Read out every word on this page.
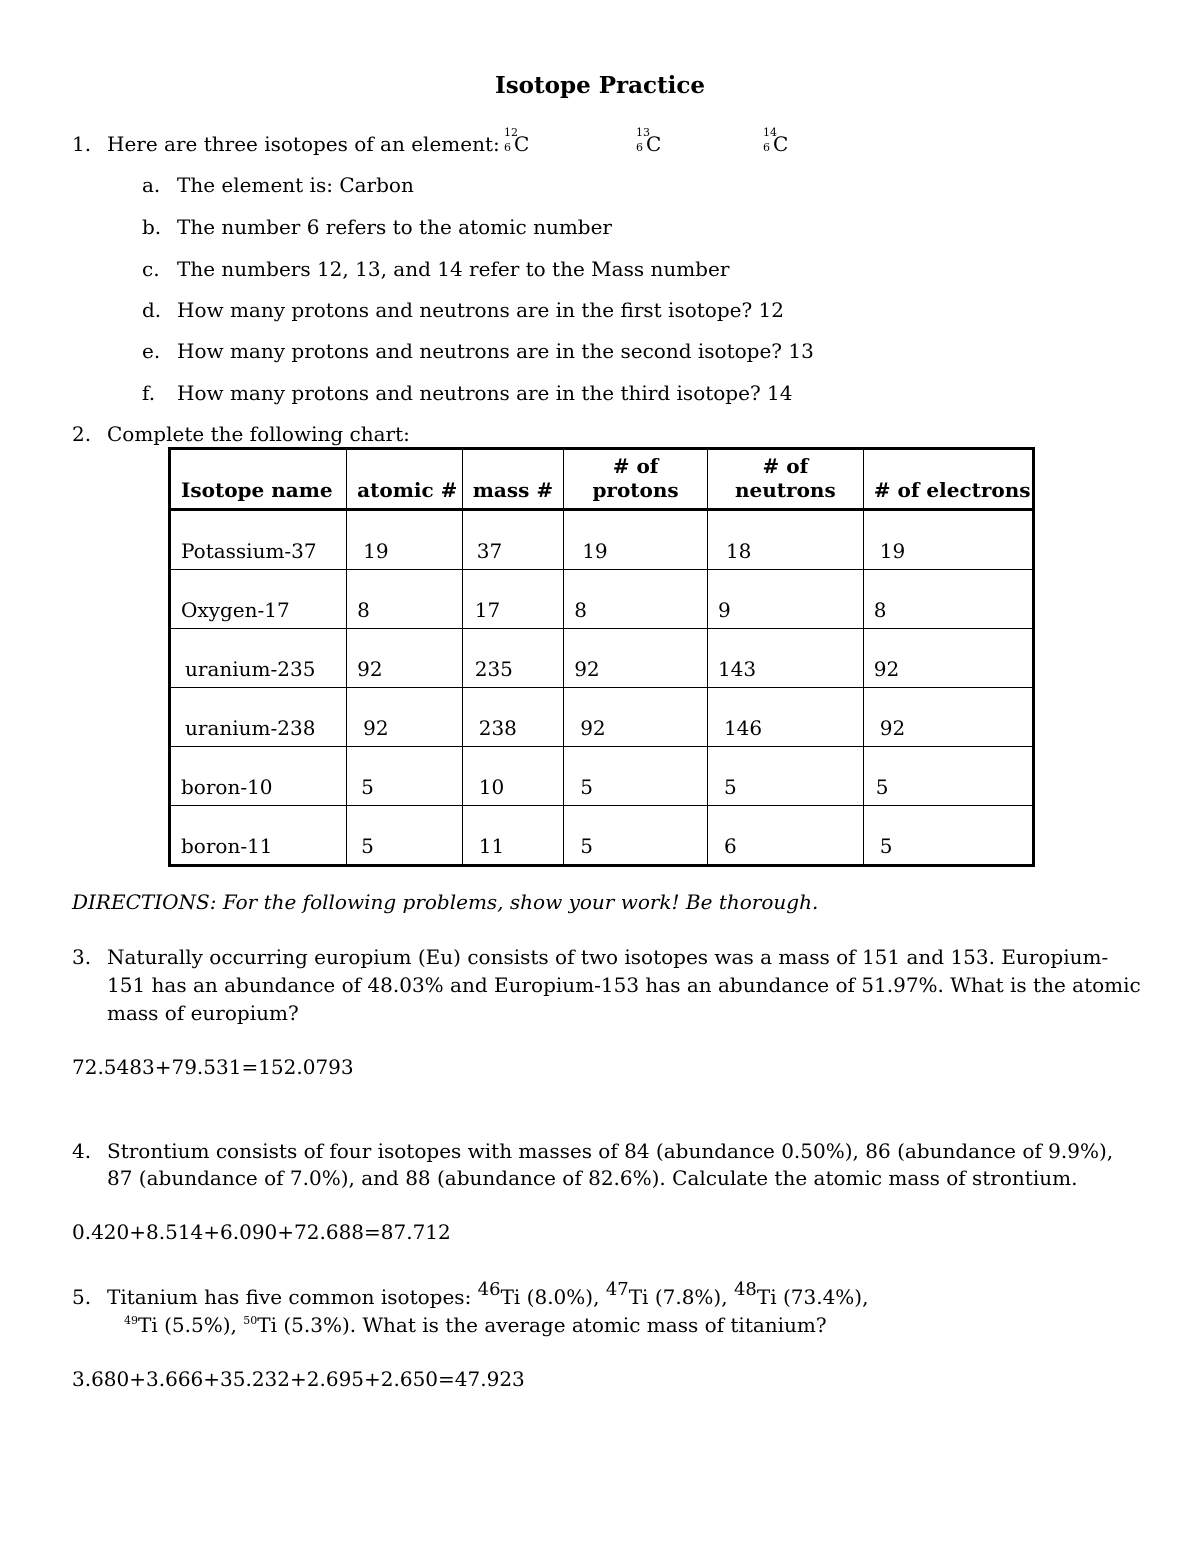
Isotope Practice
1. Here are three isotopes of an element: 12
6 C	13
6 C	14
6 C
a. The element is: Carbon
b. The number 6 refers to the atomic number
c. The numbers 12, 13, and 14 refer to the Mass number
d. How many protons and neutrons are in the first isotope? 12
e. How many protons and neutrons are in the second isotope? 13
f. How many protons and neutrons are in the third isotope? 14
2. Complete the following chart:
Isotope name	atomic #	mass #	# of protons	# of neutrons	# of electrons
Potassium-37	19	37	19	18	19
Oxygen-17	8	17	8	9	8
uranium-235	92	235	92	143	92
uranium-238	92	238	92	146	92
boron-10	5	10	5	5	5
boron-11	5	11	5	6	5
DIRECTIONS: For the following problems, show your work! Be thorough.
3. Naturally occurring europium (Eu) consists of two isotopes was a mass of 151 and 153. Europium-
151 has an abundance of 48.03% and Europium-153 has an abundance of 51.97%. What is the atomic
mass of europium?
72.5483+79.531=152.0793
4. Strontium consists of four isotopes with masses of 84 (abundance 0.50%), 86 (abundance of 9.9%),
87 (abundance of 7.0%), and 88 (abundance of 82.6%). Calculate the atomic mass of strontium.
0.420+8.514+6.090+72.688=87.712
5. Titanium has five common isotopes: $^{46}$Ti (8.0%), $^{47}$Ti (7.8%), $^{48}$Ti (73.4%),
$^{49}$Ti (5.5%), $^{50}$Ti (5.3%). What is the average atomic mass of titanium?
3.680+3.666+35.232+2.695+2.650=47.923
